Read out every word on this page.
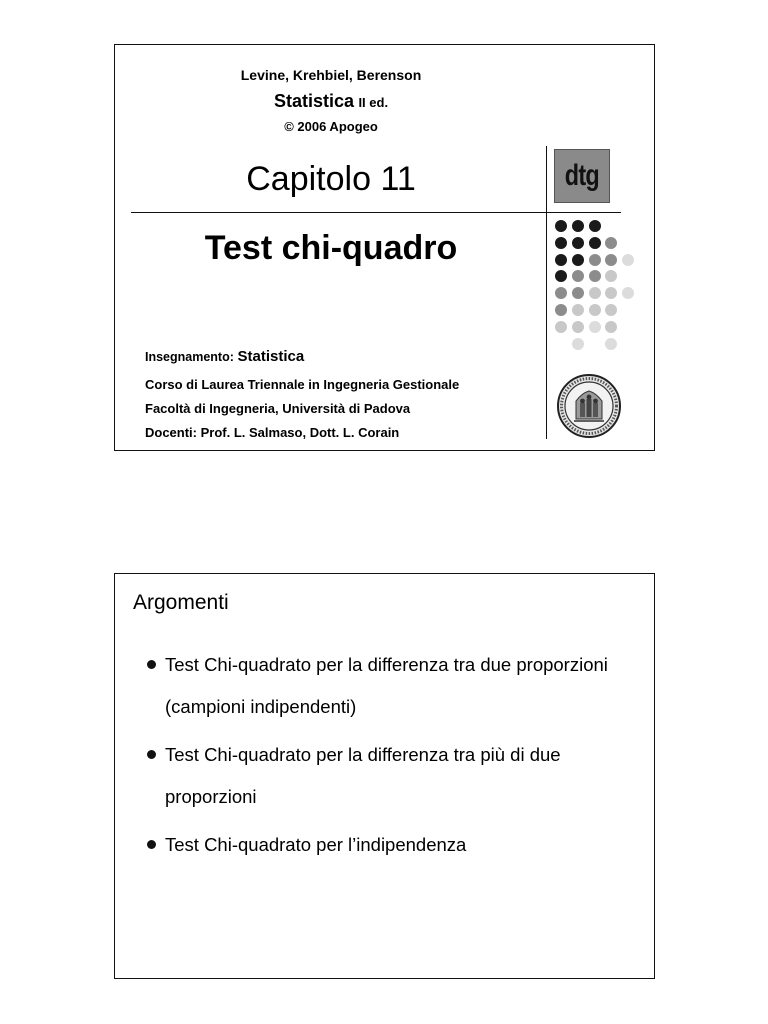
Levine, Krehbiel, Berenson
Statistica II ed.
© 2006 Apogeo
Capitolo 11
Test chi-quadro
dtg
Insegnamento: Statistica
Corso di Laurea Triennale in Ingegneria Gestionale
Facoltà di Ingegneria, Università di Padova
Docenti: Prof. L. Salmaso, Dott. L. Corain
Argomenti
Test Chi-quadrato per la differenza tra due proporzioni (campioni indipendenti)
Test Chi-quadrato per la differenza tra più di due proporzioni
Test Chi-quadrato per l’indipendenza
